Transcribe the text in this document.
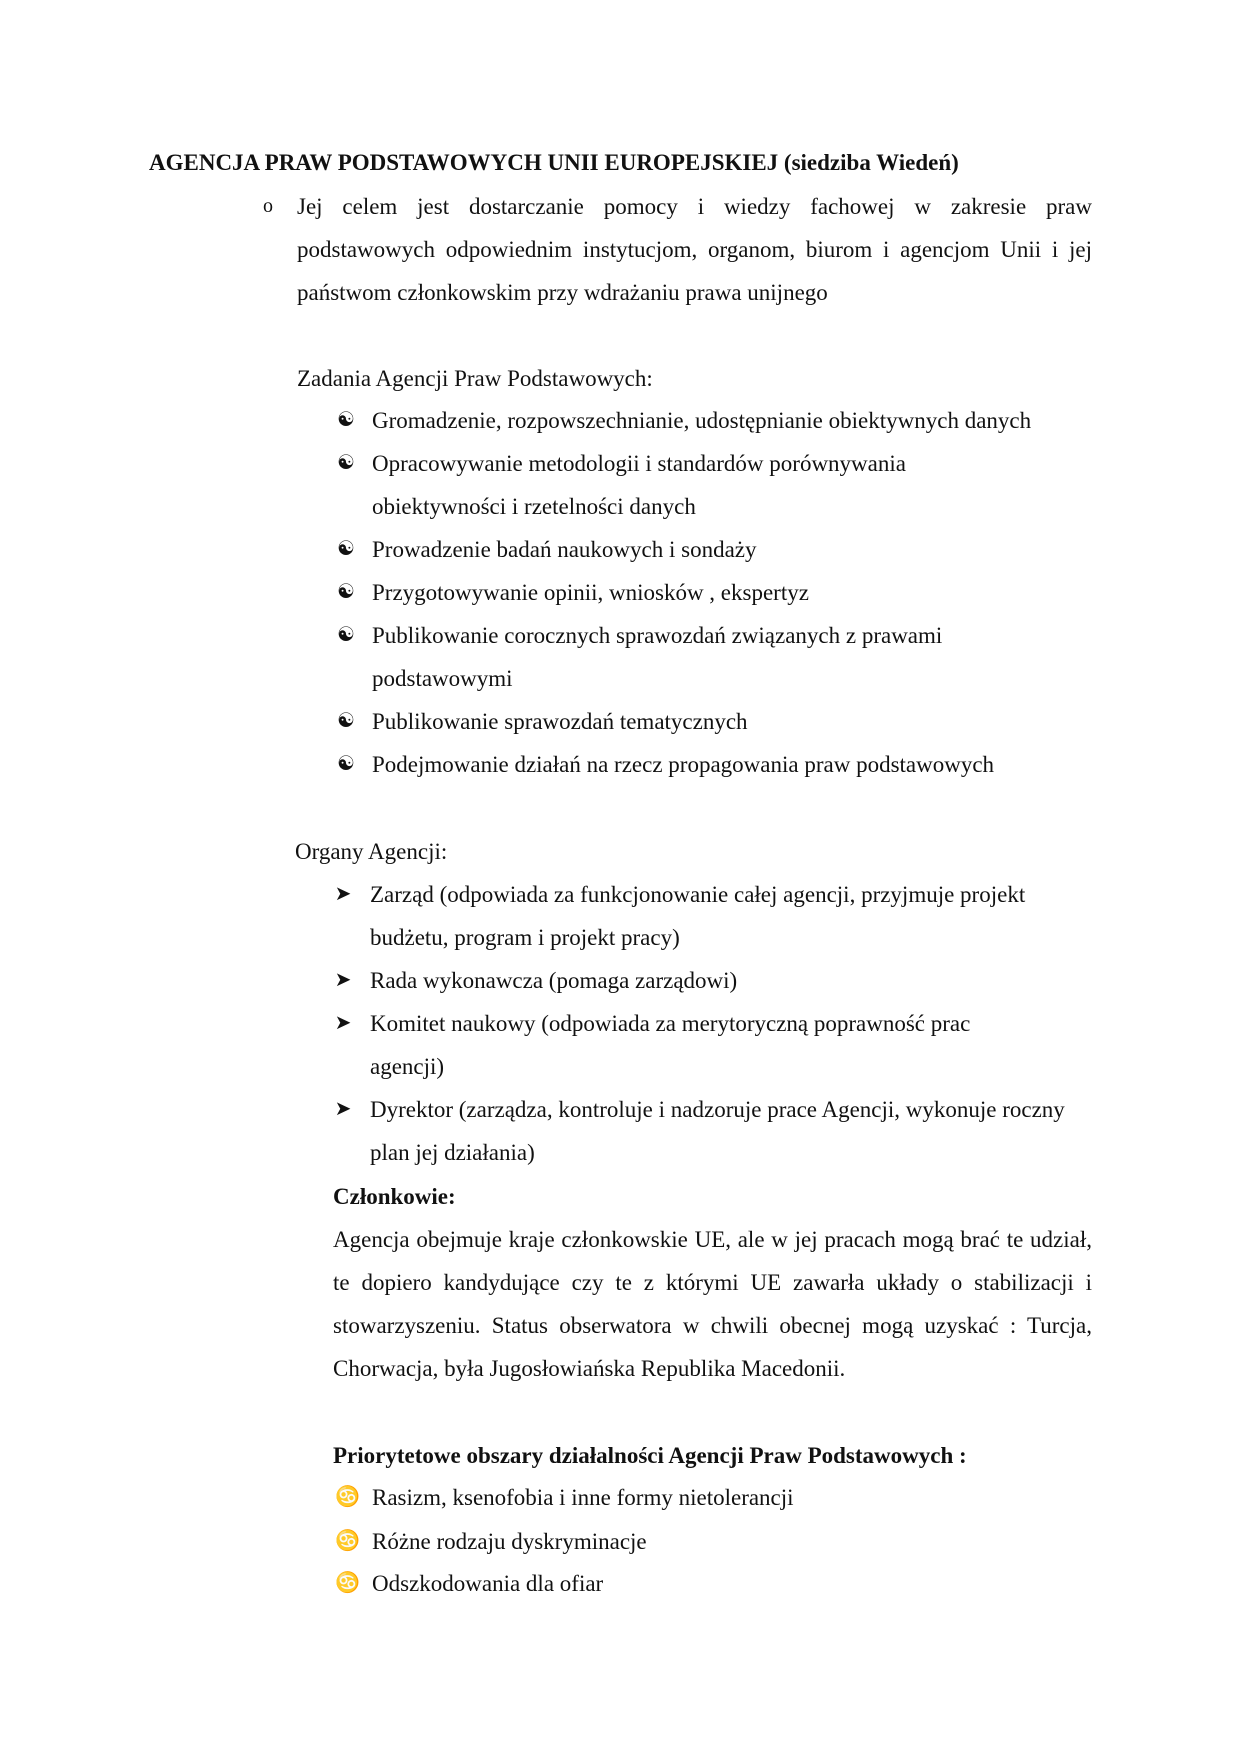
AGENCJA PRAW PODSTAWOWYCH UNII EUROPEJSKIEJ (siedziba Wiedeń)
o Jej celem jest dostarczanie pomocy i wiedzy fachowej w zakresie praw podstawowych odpowiednim instytucjom, organom, biurom i agencjom Unii i jej państwom członkowskim przy wdrażaniu prawa unijnego
Zadania Agencji Praw Podstawowych:
☯ Gromadzenie, rozpowszechnianie, udostępnianie obiektywnych danych
☯ Opracowywanie metodologii i standardów porównywania obiektywności i rzetelności danych
☯ Prowadzenie badań naukowych i sondaży
☯ Przygotowywanie opinii, wniosków , ekspertyz
☯ Publikowanie corocznych sprawozdań związanych z prawami podstawowymi
☯ Publikowanie sprawozdań tematycznych
☯ Podejmowanie działań na rzecz propagowania praw podstawowych
Organy Agencji:
➤ Zarząd (odpowiada za funkcjonowanie całej agencji, przyjmuje projekt budżetu, program i projekt pracy)
➤ Rada wykonawcza (pomaga zarządowi)
➤ Komitet naukowy (odpowiada za merytoryczną poprawność prac agencji)
➤ Dyrektor (zarządza, kontroluje i nadzoruje prace Agencji, wykonuje roczny plan jej działania)
Członkowie:
Agencja obejmuje kraje członkowskie UE, ale w jej pracach mogą brać te udział, te dopiero kandydujące czy te z którymi UE zawarła układy o stabilizacji i stowarzyszeniu. Status obserwatora w chwili obecnej mogą uzyskać : Turcja, Chorwacja, była Jugosłowiańska Republika Macedonii.
Priorytetowe obszary działalności Agencji Praw Podstawowych :
♋ Rasizm, ksenofobia i inne formy nietolerancji
♋ Różne rodzaju dyskryminacje
♋ Odszkodowania dla ofiar
